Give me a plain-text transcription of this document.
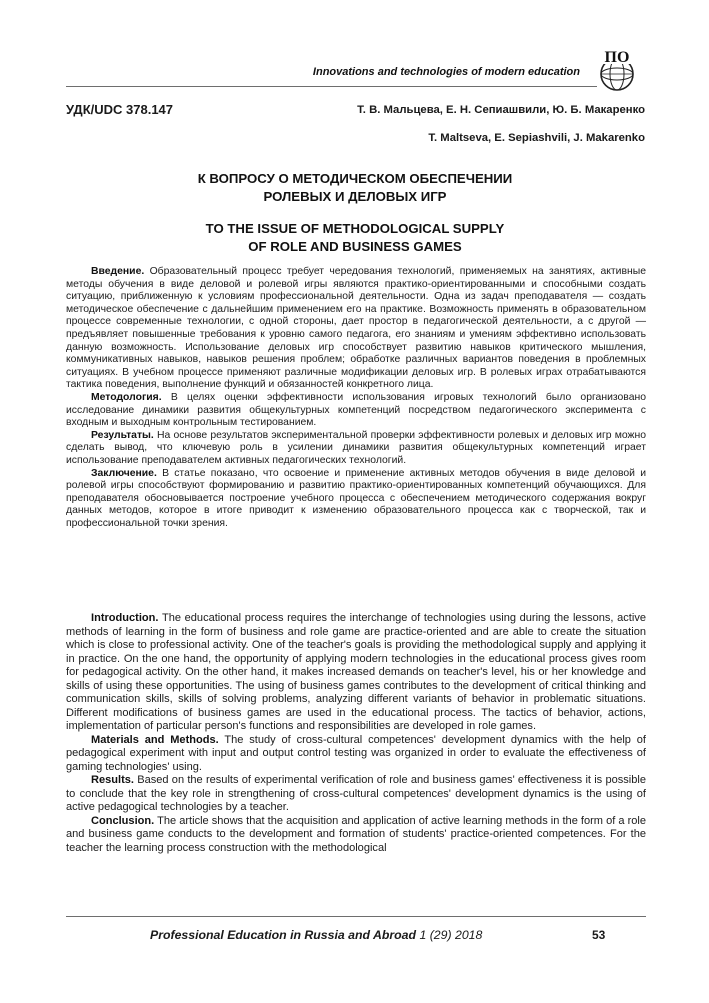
Innovations and technologies of modern education
ПО
УДК/UDC 378.147	Т. В. Мальцева, Е. Н. Сепиашвили, Ю. Б. Макаренко
T. Maltseva, E. Sepiashvili, J. Makarenko
К ВОПРОСУ О МЕТОДИЧЕСКОМ ОБЕСПЕЧЕНИИ
РОЛЕВЫХ И ДЕЛОВЫХ ИГР
TO THE ISSUE OF METHODOLOGICAL SUPPLY
OF ROLE AND BUSINESS GAMES

Введение. Образовательный процесс требует чередования технологий, применяемых на занятиях, активные методы обучения в виде деловой и ролевой игры являются практико-ориентированными и способными создать ситуацию, приближенную к условиям профессиональной деятельности. Одна из задач преподавателя — создать методическое обеспечение с дальнейшим применением его на практике. Возможность применять в образовательном процессе современные технологии, с одной стороны, дает простор в педагогической деятельности, а с другой — предъявляет повышенные требования к уровню самого педагога, его знаниям и умениям эффективно использовать данную возможность. Использование деловых игр способствует развитию навыков критического мышления, коммуникативных навыков, навыков решения проблем; обработке различных вариантов поведения в проблемных ситуациях. В учебном процессе применяют различные модификации деловых игр. В ролевых играх отрабатываются тактика поведения, выполнение функций и обязанностей конкретного лица.

Методология. В целях оценки эффективности использования игровых технологий было организовано исследование динамики развития общекультурных компетенций посредством педагогического эксперимента с входным и выходным контрольным тестированием.

Результаты. На основе результатов экспериментальной проверки эффективности ролевых и деловых игр можно сделать вывод, что ключевую роль в усилении динамики развития общекультурных компетенций играет использование преподавателем активных педагогических технологий.

Заключение. В статье показано, что освоение и применение активных методов обучения в виде деловой и ролевой игры способствуют формированию и развитию практико-ориентированных компетенций обучающихся. Для преподавателя обосновывается построение учебного процесса с обеспечением методического содержания вокруг данных методов, которое в итоге приводит к изменению образовательного процесса как с творческой, так и профессиональной точки зрения.

Introduction. The educational process requires the interchange of technologies using during the lessons, active methods of learning in the form of business and role game are practice-oriented and are able to create the situation which is close to professional activity. One of the teacher's goals is providing the methodological supply and applying it in practice. On the one hand, the opportunity of applying modern technologies in the educational process gives room for pedagogical activity. On the other hand, it makes increased demands on teacher's level, his or her knowledge and skills of using these opportunities. The using of business games contributes to the development of critical thinking and communication skills, skills of solving problems, analyzing different variants of behavior in problematic situations. Different modifications of business games are used in the educational process. The tactics of behavior, actions, implementation of particular person's functions and responsibilities are developed in role games.

Materials and Methods. The study of cross-cultural competences' development dynamics with the help of pedagogical experiment with input and output control testing was organized in order to evaluate the effectiveness of gaming technologies' using.

Results. Based on the results of experimental verification of role and business games' effectiveness it is possible to conclude that the key role in strengthening of cross-cultural competences' development dynamics is the using of active pedagogical technologies by a teacher.

Conclusion. The article shows that the acquisition and application of active learning methods in the form of a role and business game conducts to the development and formation of students' practice-oriented competences. For the teacher the learning process construction with the methodological

Professional Education in Russia and Abroad 1 (29) 2018	53
